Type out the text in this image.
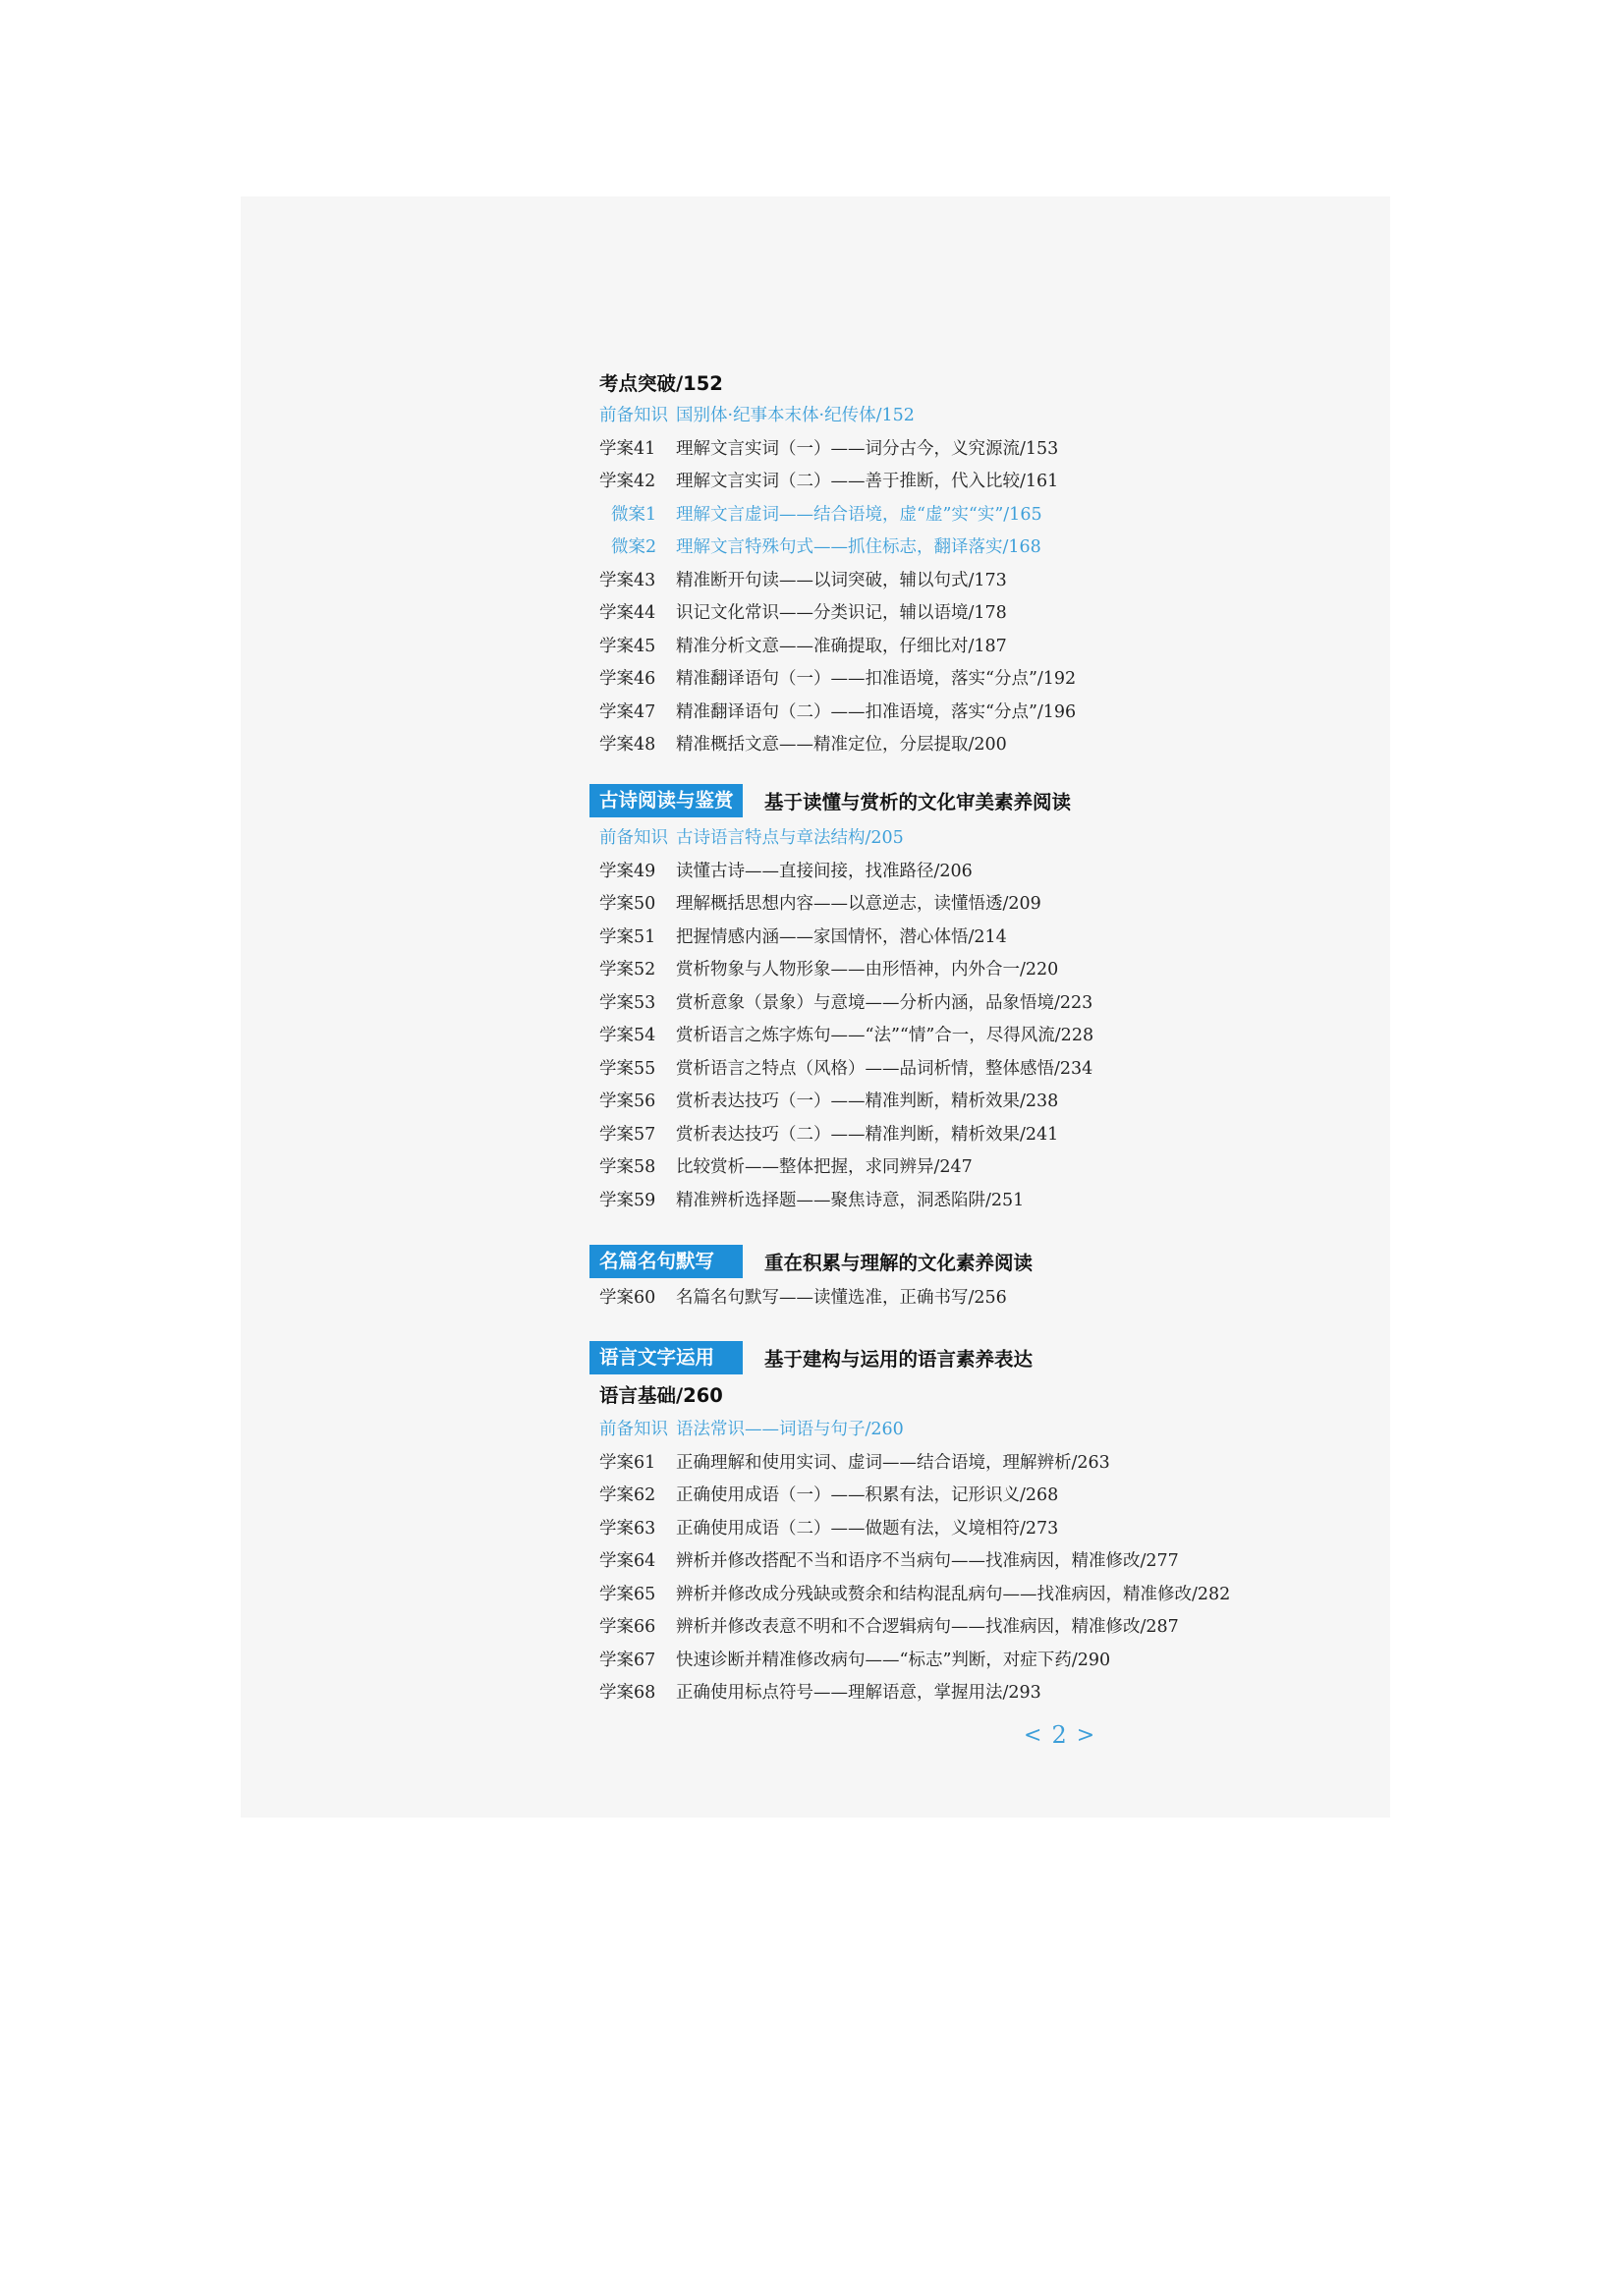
考点突破/152
前备知识 国别体·纪事本末体·纪传体/152
学案41 理解文言实词（一）——词分古今，义究源流/153
学案42 理解文言实词（二）——善于推断，代入比较/161
微案1 理解文言虚词——结合语境，虚“虚”实“实”/165
微案2 理解文言特殊句式——抓住标志，翻译落实/168
学案43 精准断开句读——以词突破，辅以句式/173
学案44 识记文化常识——分类识记，辅以语境/178
学案45 精准分析文意——准确提取，仔细比对/187
学案46 精准翻译语句（一）——扣准语境，落实“分点”/192
学案47 精准翻译语句（二）——扣准语境，落实“分点”/196
学案48 精准概括文意——精准定位，分层提取/200
古诗阅读与鉴赏	基于读懂与赏析的文化审美素养阅读
前备知识 古诗语言特点与章法结构/205
学案49 读懂古诗——直接间接，找准路径/206
学案50 理解概括思想内容——以意逆志，读懂悟透/209
学案51 把握情感内涵——家国情怀，潜心体悟/214
学案52 赏析物象与人物形象——由形悟神，内外合一/220
学案53 赏析意象（景象）与意境——分析内涵，品象悟境/223
学案54 赏析语言之炼字炼句——“法”“情”合一，尽得风流/228
学案55 赏析语言之特点（风格）——品词析情，整体感悟/234
学案56 赏析表达技巧（一）——精准判断，精析效果/238
学案57 赏析表达技巧（二）——精准判断，精析效果/241
学案58 比较赏析——整体把握，求同辨异/247
学案59 精准辨析选择题——聚焦诗意，洞悉陷阱/251
名篇名句默写	重在积累与理解的文化素养阅读
学案60 名篇名句默写——读懂选准，正确书写/256
语言文字运用	基于建构与运用的语言素养表达
语言基础/260
前备知识 语法常识——词语与句子/260
学案61 正确理解和使用实词、虚词——结合语境，理解辨析/263
学案62 正确使用成语（一）——积累有法，记形识义/268
学案63 正确使用成语（二）——做题有法，义境相符/273
学案64 辨析并修改搭配不当和语序不当病句——找准病因，精准修改/277
学案65 辨析并修改成分残缺或赘余和结构混乱病句——找准病因，精准修改/282
学案66 辨析并修改表意不明和不合逻辑病句——找准病因，精准修改/287
学案67 快速诊断并精准修改病句——“标志”判断，对症下药/290
学案68 正确使用标点符号——理解语意，掌握用法/293
< 2 >
